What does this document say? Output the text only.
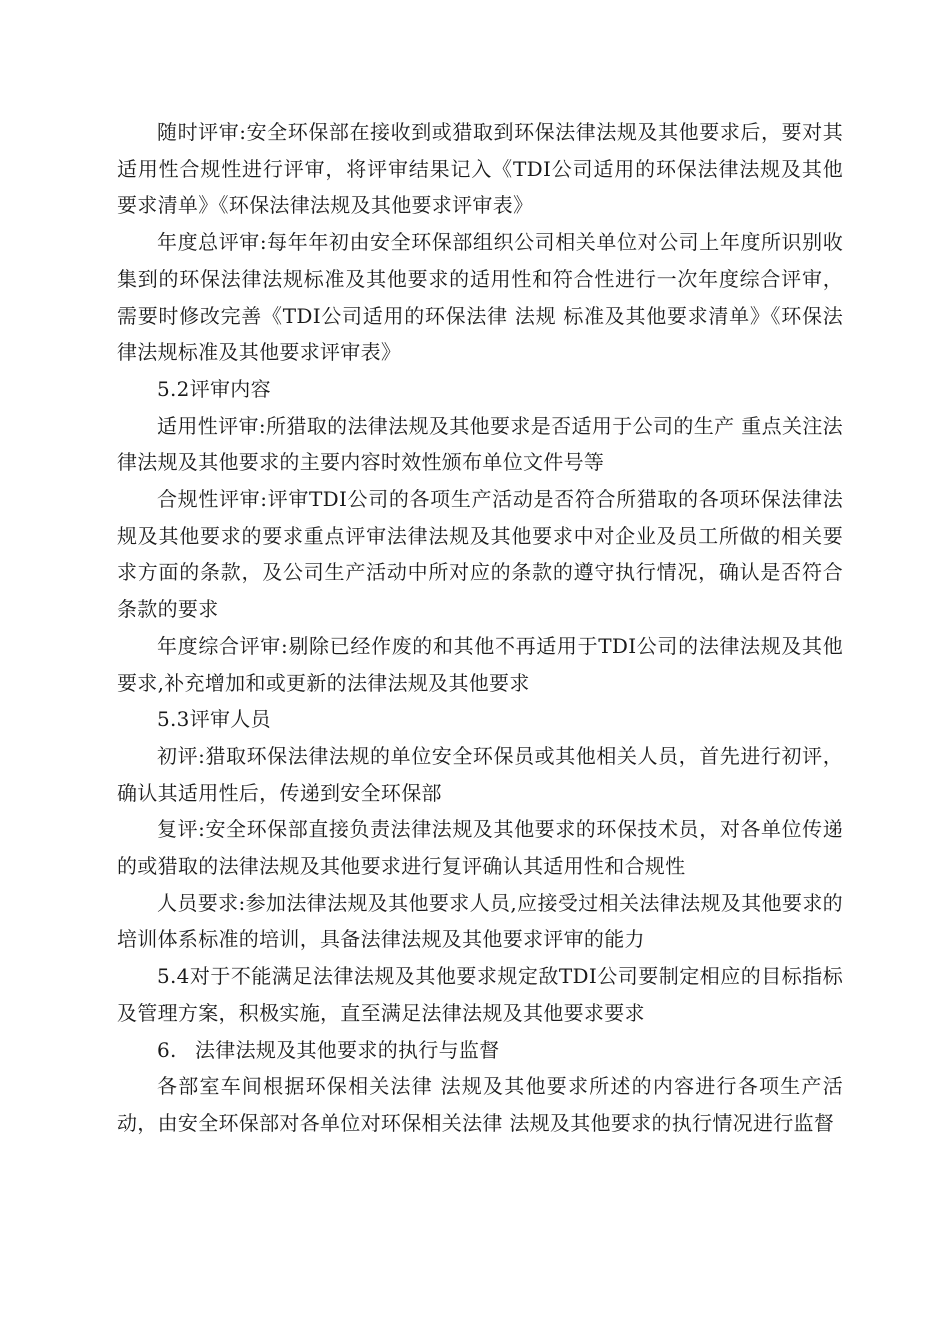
随时评审:安全环保部在接收到或猎取到环保法律法规及其他要求后，要对其适用性合规性进行评审，将评审结果记入《TDI公司适用的环保法律法规及其他要求清单》《环保法律法规及其他要求评审表》

年度总评审:每年年初由安全环保部组织公司相关单位对公司上年度所识别收集到的环保法律法规标准及其他要求的适用性和符合性进行一次年度综合评审，需要时修改完善《TDI公司适用的环保法律 法规 标准及其他要求清单》《环保法律法规标准及其他要求评审表》

5.2评审内容

适用性评审:所猎取的法律法规及其他要求是否适用于公司的生产 重点关注法律法规及其他要求的主要内容时效性颁布单位文件号等

合规性评审:评审TDI公司的各项生产活动是否符合所猎取的各项环保法律法规及其他要求的要求重点评审法律法规及其他要求中对企业及员工所做的相关要求方面的条款，及公司生产活动中所对应的条款的遵守执行情况，确认是否符合条款的要求

年度综合评审:剔除已经作废的和其他不再适用于TDI公司的法律法规及其他要求,补充增加和或更新的法律法规及其他要求

5.3评审人员

初评:猎取环保法律法规的单位安全环保员或其他相关人员，首先进行初评，确认其适用性后，传递到安全环保部

复评:安全环保部直接负责法律法规及其他要求的环保技术员，对各单位传递的或猎取的法律法规及其他要求进行复评确认其适用性和合规性

人员要求:参加法律法规及其他要求人员,应接受过相关法律法规及其他要求的培训体系标准的培训，具备法律法规及其他要求评审的能力

5.4对于不能满足法律法规及其他要求规定敌TDI公司要制定相应的目标指标及管理方案，积极实施，直至满足法律法规及其他要求要求

6. 法律法规及其他要求的执行与监督

各部室车间根据环保相关法律 法规及其他要求所述的内容进行各项生产活动，由安全环保部对各单位对环保相关法律 法规及其他要求的执行情况进行监督
